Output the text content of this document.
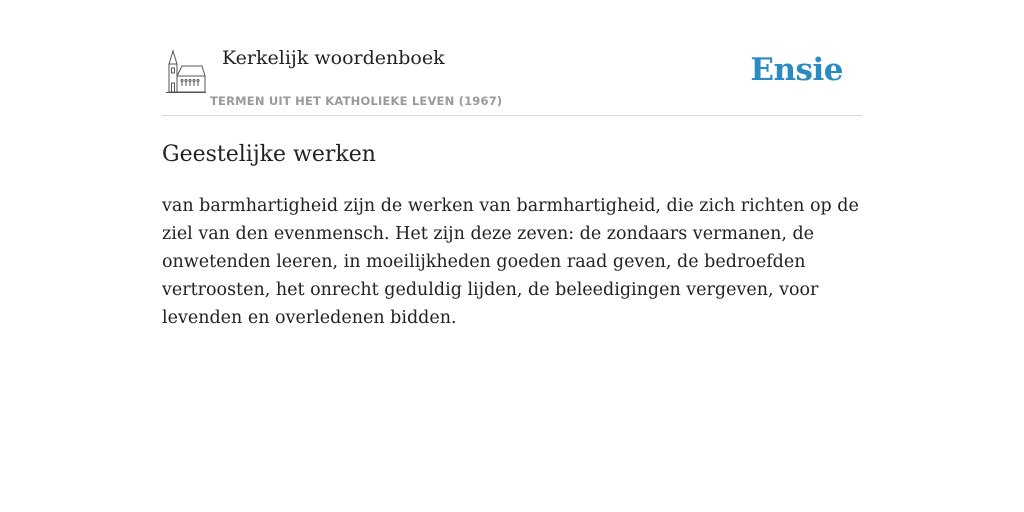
Kerkelijk woordenboek
TERMEN UIT HET KATHOLIEKE LEVEN (1967)
Ensie
Geestelijke werken

van barmhartigheid zijn de werken van barmhartigheid, die zich richten op de ziel van den evenmensch. Het zijn deze zeven: de zondaars vermanen, de onwetenden leeren, in moeilijkheden goeden raad geven, de bedroefden vertroosten, het onrecht geduldig lijden, de beleedigingen vergeven, voor levenden en overledenen bidden.
